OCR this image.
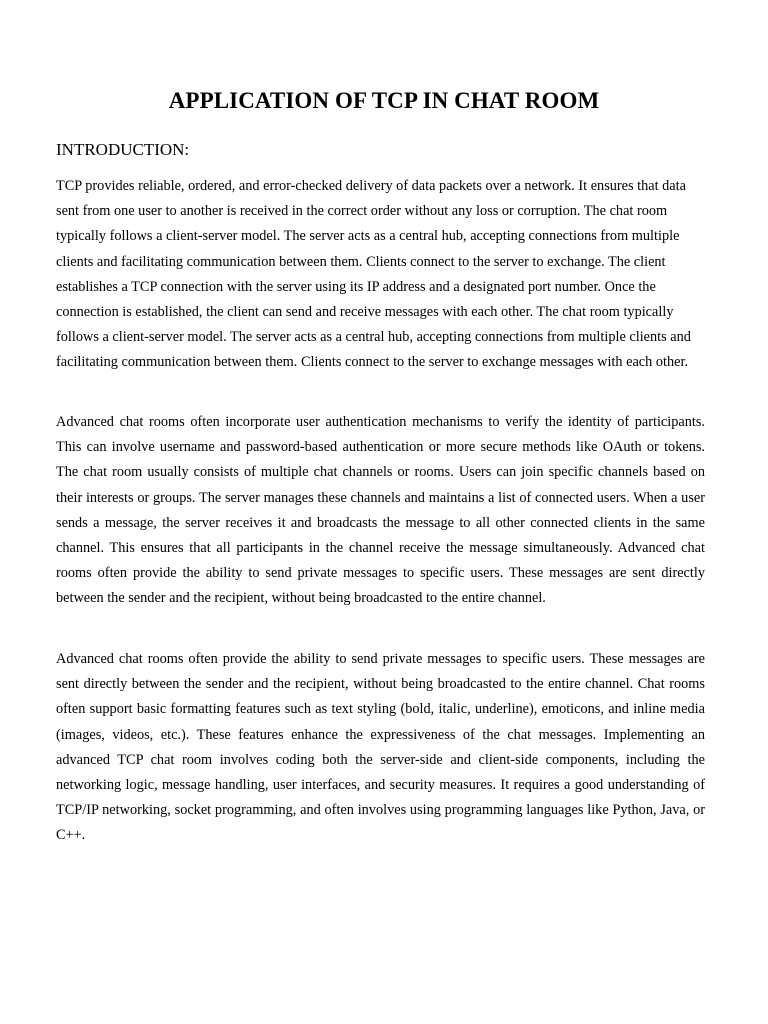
APPLICATION OF TCP IN CHAT ROOM
INTRODUCTION:

TCP provides reliable, ordered, and error-checked delivery of data packets over a network. It ensures that data sent from one user to another is received in the correct order without any loss or corruption. The chat room typically follows a client-server model. The server acts as a central hub, accepting connections from multiple clients and facilitating communication between them. Clients connect to the server to exchange. The client establishes a TCP connection with the server using its IP address and a designated port number. Once the connection is established, the client can send and receive messages with each other. The chat room typically follows a client-server model. The server acts as a central hub, accepting connections from multiple clients and facilitating communication between them. Clients connect to the server to exchange messages with each other.

Advanced chat rooms often incorporate user authentication mechanisms to verify the identity of participants. This can involve username and password-based authentication or more secure methods like OAuth or tokens. The chat room usually consists of multiple chat channels or rooms. Users can join specific channels based on their interests or groups. The server manages these channels and maintains a list of connected users. When a user sends a message, the server receives it and broadcasts the message to all other connected clients in the same channel. This ensures that all participants in the channel receive the message simultaneously. Advanced chat rooms often provide the ability to send private messages to specific users. These messages are sent directly between the sender and the recipient, without being broadcasted to the entire channel.

Advanced chat rooms often provide the ability to send private messages to specific users. These messages are sent directly between the sender and the recipient, without being broadcasted to the entire channel. Chat rooms often support basic formatting features such as text styling (bold, italic, underline), emoticons, and inline media (images, videos, etc.). These features enhance the expressiveness of the chat messages. Implementing an advanced TCP chat room involves coding both the server-side and client-side components, including the networking logic, message handling, user interfaces, and security measures. It requires a good understanding of TCP/IP networking, socket programming, and often involves using programming languages like Python, Java, or C++.
